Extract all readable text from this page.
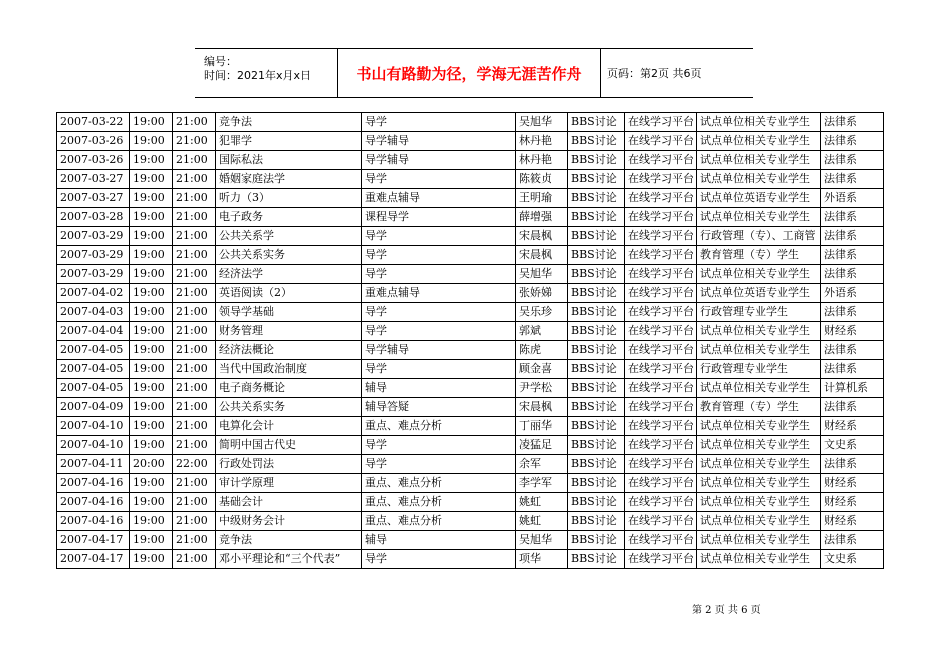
编号：
时间：2021年x月x日	书山有路勤为径，学海无涯苦作舟	页码：第2页 共6页
2007-03-22	19:00	21:00	竞争法	导学	吴旭华	BBS讨论	在线学习平台	试点单位相关专业学生	法律系
2007-03-26	19:00	21:00	犯罪学	导学辅导	林丹艳	BBS讨论	在线学习平台	试点单位相关专业学生	法律系
2007-03-26	19:00	21:00	国际私法	导学辅导	林丹艳	BBS讨论	在线学习平台	试点单位相关专业学生	法律系
2007-03-27	19:00	21:00	婚姻家庭法学	导学	陈筱贞	BBS讨论	在线学习平台	试点单位相关专业学生	法律系
2007-03-27	19:00	21:00	听力（3）	重难点辅导	王明瑜	BBS讨论	在线学习平台	试点单位英语专业学生	外语系
2007-03-28	19:00	21:00	电子政务	课程导学	薛增强	BBS讨论	在线学习平台	试点单位相关专业学生	法律系
2007-03-29	19:00	21:00	公共关系学	导学	宋晨枫	BBS讨论	在线学习平台	行政管理（专）、工商管	法律系
2007-03-29	19:00	21:00	公共关系实务	导学	宋晨枫	BBS讨论	在线学习平台	教育管理（专）学生	法律系
2007-03-29	19:00	21:00	经济法学	导学	吴旭华	BBS讨论	在线学习平台	试点单位相关专业学生	法律系
2007-04-02	19:00	21:00	英语阅读（2）	重难点辅导	张娇娣	BBS讨论	在线学习平台	试点单位英语专业学生	外语系
2007-04-03	19:00	21:00	领导学基础	导学	吴乐珍	BBS讨论	在线学习平台	行政管理专业学生	法律系
2007-04-04	19:00	21:00	财务管理	导学	郭斌	BBS讨论	在线学习平台	试点单位相关专业学生	财经系
2007-04-05	19:00	21:00	经济法概论	导学辅导	陈虎	BBS讨论	在线学习平台	试点单位相关专业学生	法律系
2007-04-05	19:00	21:00	当代中国政治制度	导学	顾金喜	BBS讨论	在线学习平台	行政管理专业学生	法律系
2007-04-05	19:00	21:00	电子商务概论	辅导	尹学松	BBS讨论	在线学习平台	试点单位相关专业学生	计算机系
2007-04-09	19:00	21:00	公共关系实务	辅导答疑	宋晨枫	BBS讨论	在线学习平台	教育管理（专）学生	法律系
2007-04-10	19:00	21:00	电算化会计	重点、难点分析	丁丽华	BBS讨论	在线学习平台	试点单位相关专业学生	财经系
2007-04-10	19:00	21:00	简明中国古代史	导学	凌猛足	BBS讨论	在线学习平台	试点单位相关专业学生	文史系
2007-04-11	20:00	22:00	行政处罚法	导学	余军	BBS讨论	在线学习平台	试点单位相关专业学生	法律系
2007-04-16	19:00	21:00	审计学原理	重点、难点分析	李学军	BBS讨论	在线学习平台	试点单位相关专业学生	财经系
2007-04-16	19:00	21:00	基础会计	重点、难点分析	姚虹	BBS讨论	在线学习平台	试点单位相关专业学生	财经系
2007-04-16	19:00	21:00	中级财务会计	重点、难点分析	姚虹	BBS讨论	在线学习平台	试点单位相关专业学生	财经系
2007-04-17	19:00	21:00	竞争法	辅导	吴旭华	BBS讨论	在线学习平台	试点单位相关专业学生	法律系
2007-04-17	19:00	21:00	邓小平理论和“三个代表”	导学	项华	BBS讨论	在线学习平台	试点单位相关专业学生	文史系
第 2 页 共 6 页
